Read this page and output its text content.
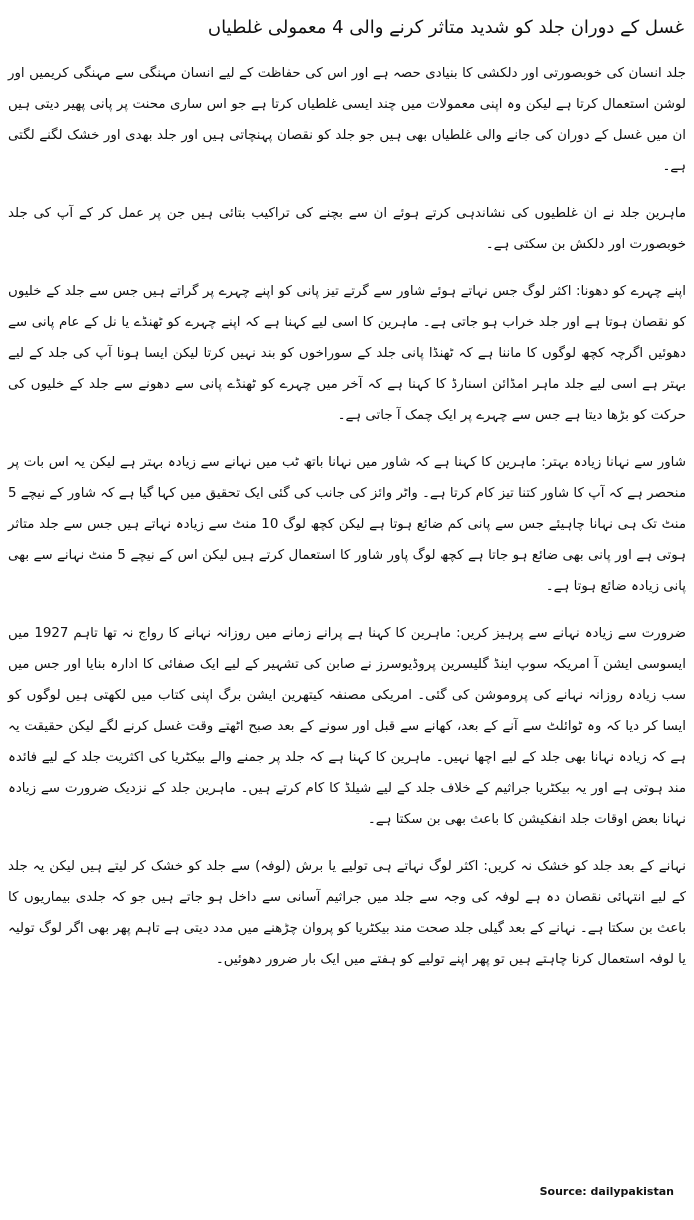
غسل کے دوران جلد کو شدید متاثر کرنے والی 4 معمولی غلطیاں

جلد انسان کی خوبصورتی اور دلکشی کا بنیادی حصہ ہے اور اس کی حفاظت کے لیے انسان مہنگی سے مہنگی کریمیں اور لوشن استعمال کرتا ہے لیکن وہ اپنی معمولات میں چند ایسی غلطیاں کرتا ہے جو اس ساری محنت پر پانی پھیر دیتی ہیں ان میں غسل کے دوران کی جانے والی غلطیاں بھی ہیں جو جلد کو نقصان پہنچاتی ہیں اور جلد بھدی اور خشک لگنے لگتی ہے۔

ماہرین جلد نے ان غلطیوں کی نشاندہی کرتے ہوئے ان سے بچنے کی تراکیب بتائی ہیں جن پر عمل کر کے آپ کی جلد خوبصورت اور دلکش بن سکتی ہے۔

اپنے چہرے کو دھونا: اکثر لوگ جس نہاتے ہوئے شاور سے گرتے تیز پانی کو اپنے چہرے پر گراتے ہیں جس سے جلد کے خلیوں کو نقصان ہوتا ہے اور جلد خراب ہو جاتی ہے۔ ماہرین کا اسی لیے کہنا ہے کہ اپنے چہرے کو ٹھنڈے یا نل کے عام پانی سے دھوئیں اگرچہ کچھ لوگوں کا ماننا ہے کہ ٹھنڈا پانی جلد کے سوراخوں کو بند نہیں کرتا لیکن ایسا ہونا آپ کی جلد کے لیے بہتر ہے اسی لیے جلد ماہر امڈائن اسنارڈ کا کہنا ہے کہ آخر میں چہرے کو ٹھنڈے پانی سے دھونے سے جلد کے خلیوں کی حرکت کو بڑھا دیتا ہے جس سے چہرے پر ایک چمک آ جاتی ہے۔

شاور سے نہانا زیادہ بہتر: ماہرین کا کہنا ہے کہ شاور میں نہانا باتھ ٹب میں نہانے سے زیادہ بہتر ہے لیکن یہ اس بات پر منحصر ہے کہ آپ کا شاور کتنا تیز کام کرتا ہے۔ واٹر وائز کی جانب کی گئی ایک تحقیق میں کہا گیا ہے کہ شاور کے نیچے 5 منٹ تک ہی نہانا چاہیئے جس سے پانی کم ضائع ہوتا ہے لیکن کچھ لوگ 10 منٹ سے زیادہ نہاتے ہیں جس سے جلد متاثر ہوتی ہے اور پانی بھی ضائع ہو جاتا ہے کچھ لوگ پاور شاور کا استعمال کرتے ہیں لیکن اس کے نیچے 5 منٹ نہانے سے بھی پانی زیادہ ضائع ہوتا ہے۔

ضرورت سے زیادہ نہانے سے پرہیز کریں: ماہرین کا کہنا ہے پرانے زمانے میں روزانہ نہانے کا رواج نہ تھا تاہم 1927 میں ایسوسی ایشن آ امریکہ سوپ اینڈ گلیسرین پروڈیوسرز نے صابن کی تشہیر کے لیے ایک صفائی کا ادارہ بنایا اور جس میں سب زیادہ روزانہ نہانے کی پروموشن کی گئی۔ امریکی مصنفہ کیتھرین ایشن برگ اپنی کتاب میں لکھتی ہیں لوگوں کو ایسا کر دیا کہ وہ ٹوائلٹ سے آنے کے بعد، کھانے سے قبل اور سونے کے بعد صبح اٹھتے وقت غسل کرنے لگے لیکن حقیقت یہ ہے کہ زیادہ نہانا بھی جلد کے لیے اچھا نہیں۔ ماہرین کا کہنا ہے کہ جلد پر جمنے والے بیکٹریا کی اکثریت جلد کے لیے فائدہ مند ہوتی ہے اور یہ بیکٹریا جراثیم کے خلاف جلد کے لیے شیلڈ کا کام کرتے ہیں۔ ماہرین جلد کے نزدیک ضرورت سے زیادہ نہانا بعض اوقات جلد انفکیشن کا باعث بھی بن سکتا ہے۔

نہانے کے بعد جلد کو خشک نہ کریں: اکثر لوگ نہاتے ہی تولیے یا برش (لوفہ) سے جلد کو خشک کر لیتے ہیں لیکن یہ جلد کے لیے انتہائی نقصان دہ ہے لوفہ کی وجہ سے جلد میں جراثیم آسانی سے داخل ہو جاتے ہیں جو کہ جلدی بیماریوں کا باعث بن سکتا ہے۔ نہانے کے بعد گیلی جلد صحت مند بیکٹریا کو پروان چڑھنے میں مدد دیتی ہے تاہم پھر بھی اگر لوگ تولیہ یا لوفہ استعمال کرنا چاہتے ہیں تو پھر اپنے تولیے کو ہفتے میں ایک بار ضرور دھوئیں۔

Source: dailypakistan
